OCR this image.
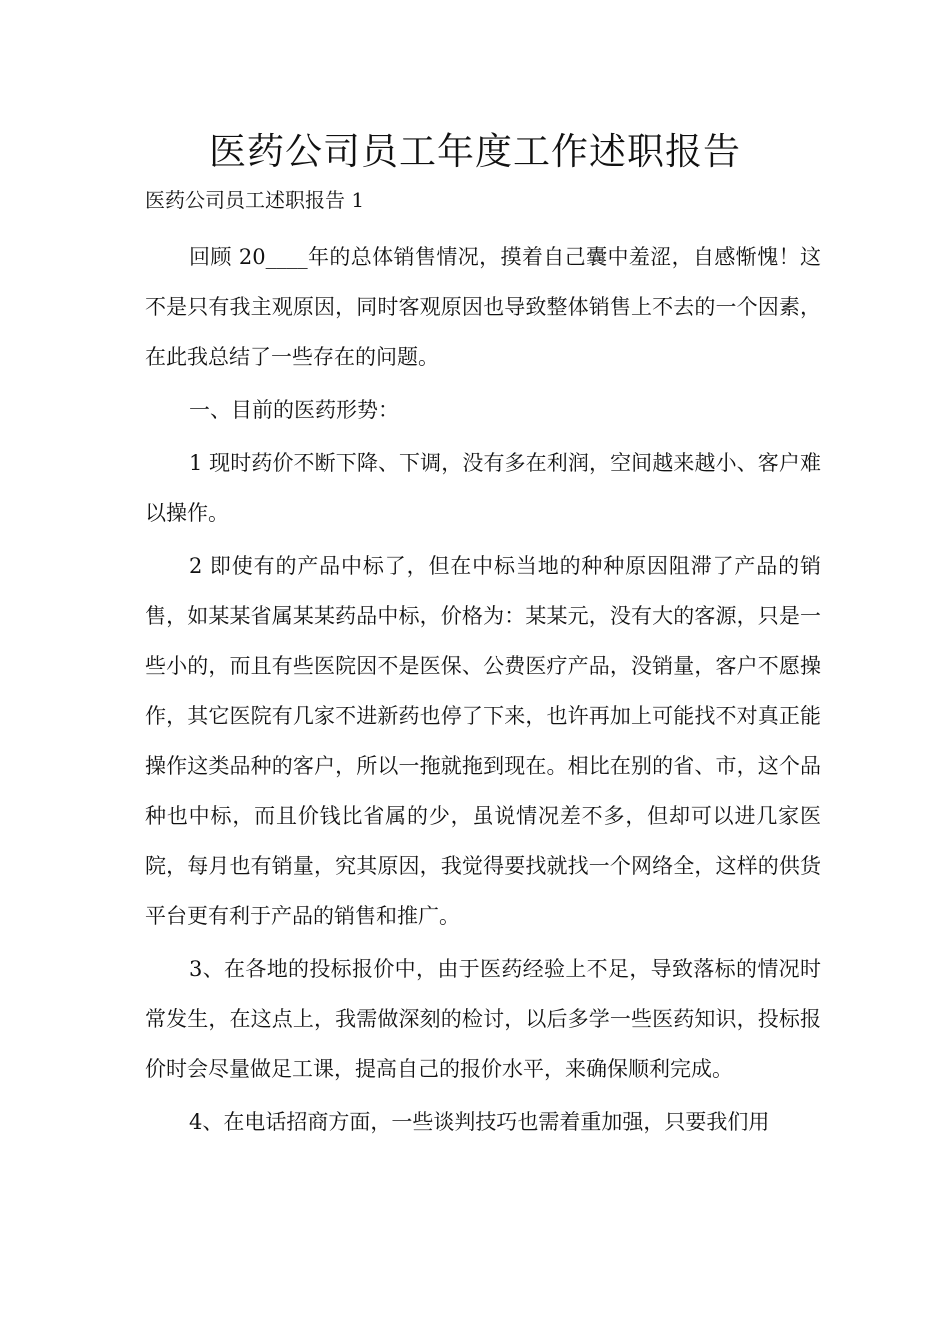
医药公司员工年度工作述职报告

医药公司员工述职报告 1

回顾 20____年的总体销售情况，摸着自己囊中羞涩，自感惭愧！这不是只有我主观原因，同时客观原因也导致整体销售上不去的一个因素，在此我总结了一些存在的问题。

一、目前的医药形势：

1 现时药价不断下降、下调，没有多在利润，空间越来越小、客户难以操作。

2 即使有的产品中标了，但在中标当地的种种原因阻滞了产品的销售，如某某省属某某药品中标，价格为：某某元，没有大的客源，只是一些小的，而且有些医院因不是医保、公费医疗产品，没销量，客户不愿操作，其它医院有几家不进新药也停了下来，也许再加上可能找不对真正能操作这类品种的客户，所以一拖就拖到现在。相比在别的省、市，这个品种也中标，而且价钱比省属的少，虽说情况差不多，但却可以进几家医院，每月也有销量，究其原因，我觉得要找就找一个网络全，这样的供货平台更有利于产品的销售和推广。

3、在各地的投标报价中，由于医药经验上不足，导致落标的情况时常发生，在这点上，我需做深刻的检讨，以后多学一些医药知识，投标报价时会尽量做足工课，提高自己的报价水平，来确保顺利完成。

4、在电话招商方面，一些谈判技巧也需着重加强，只要我们用
